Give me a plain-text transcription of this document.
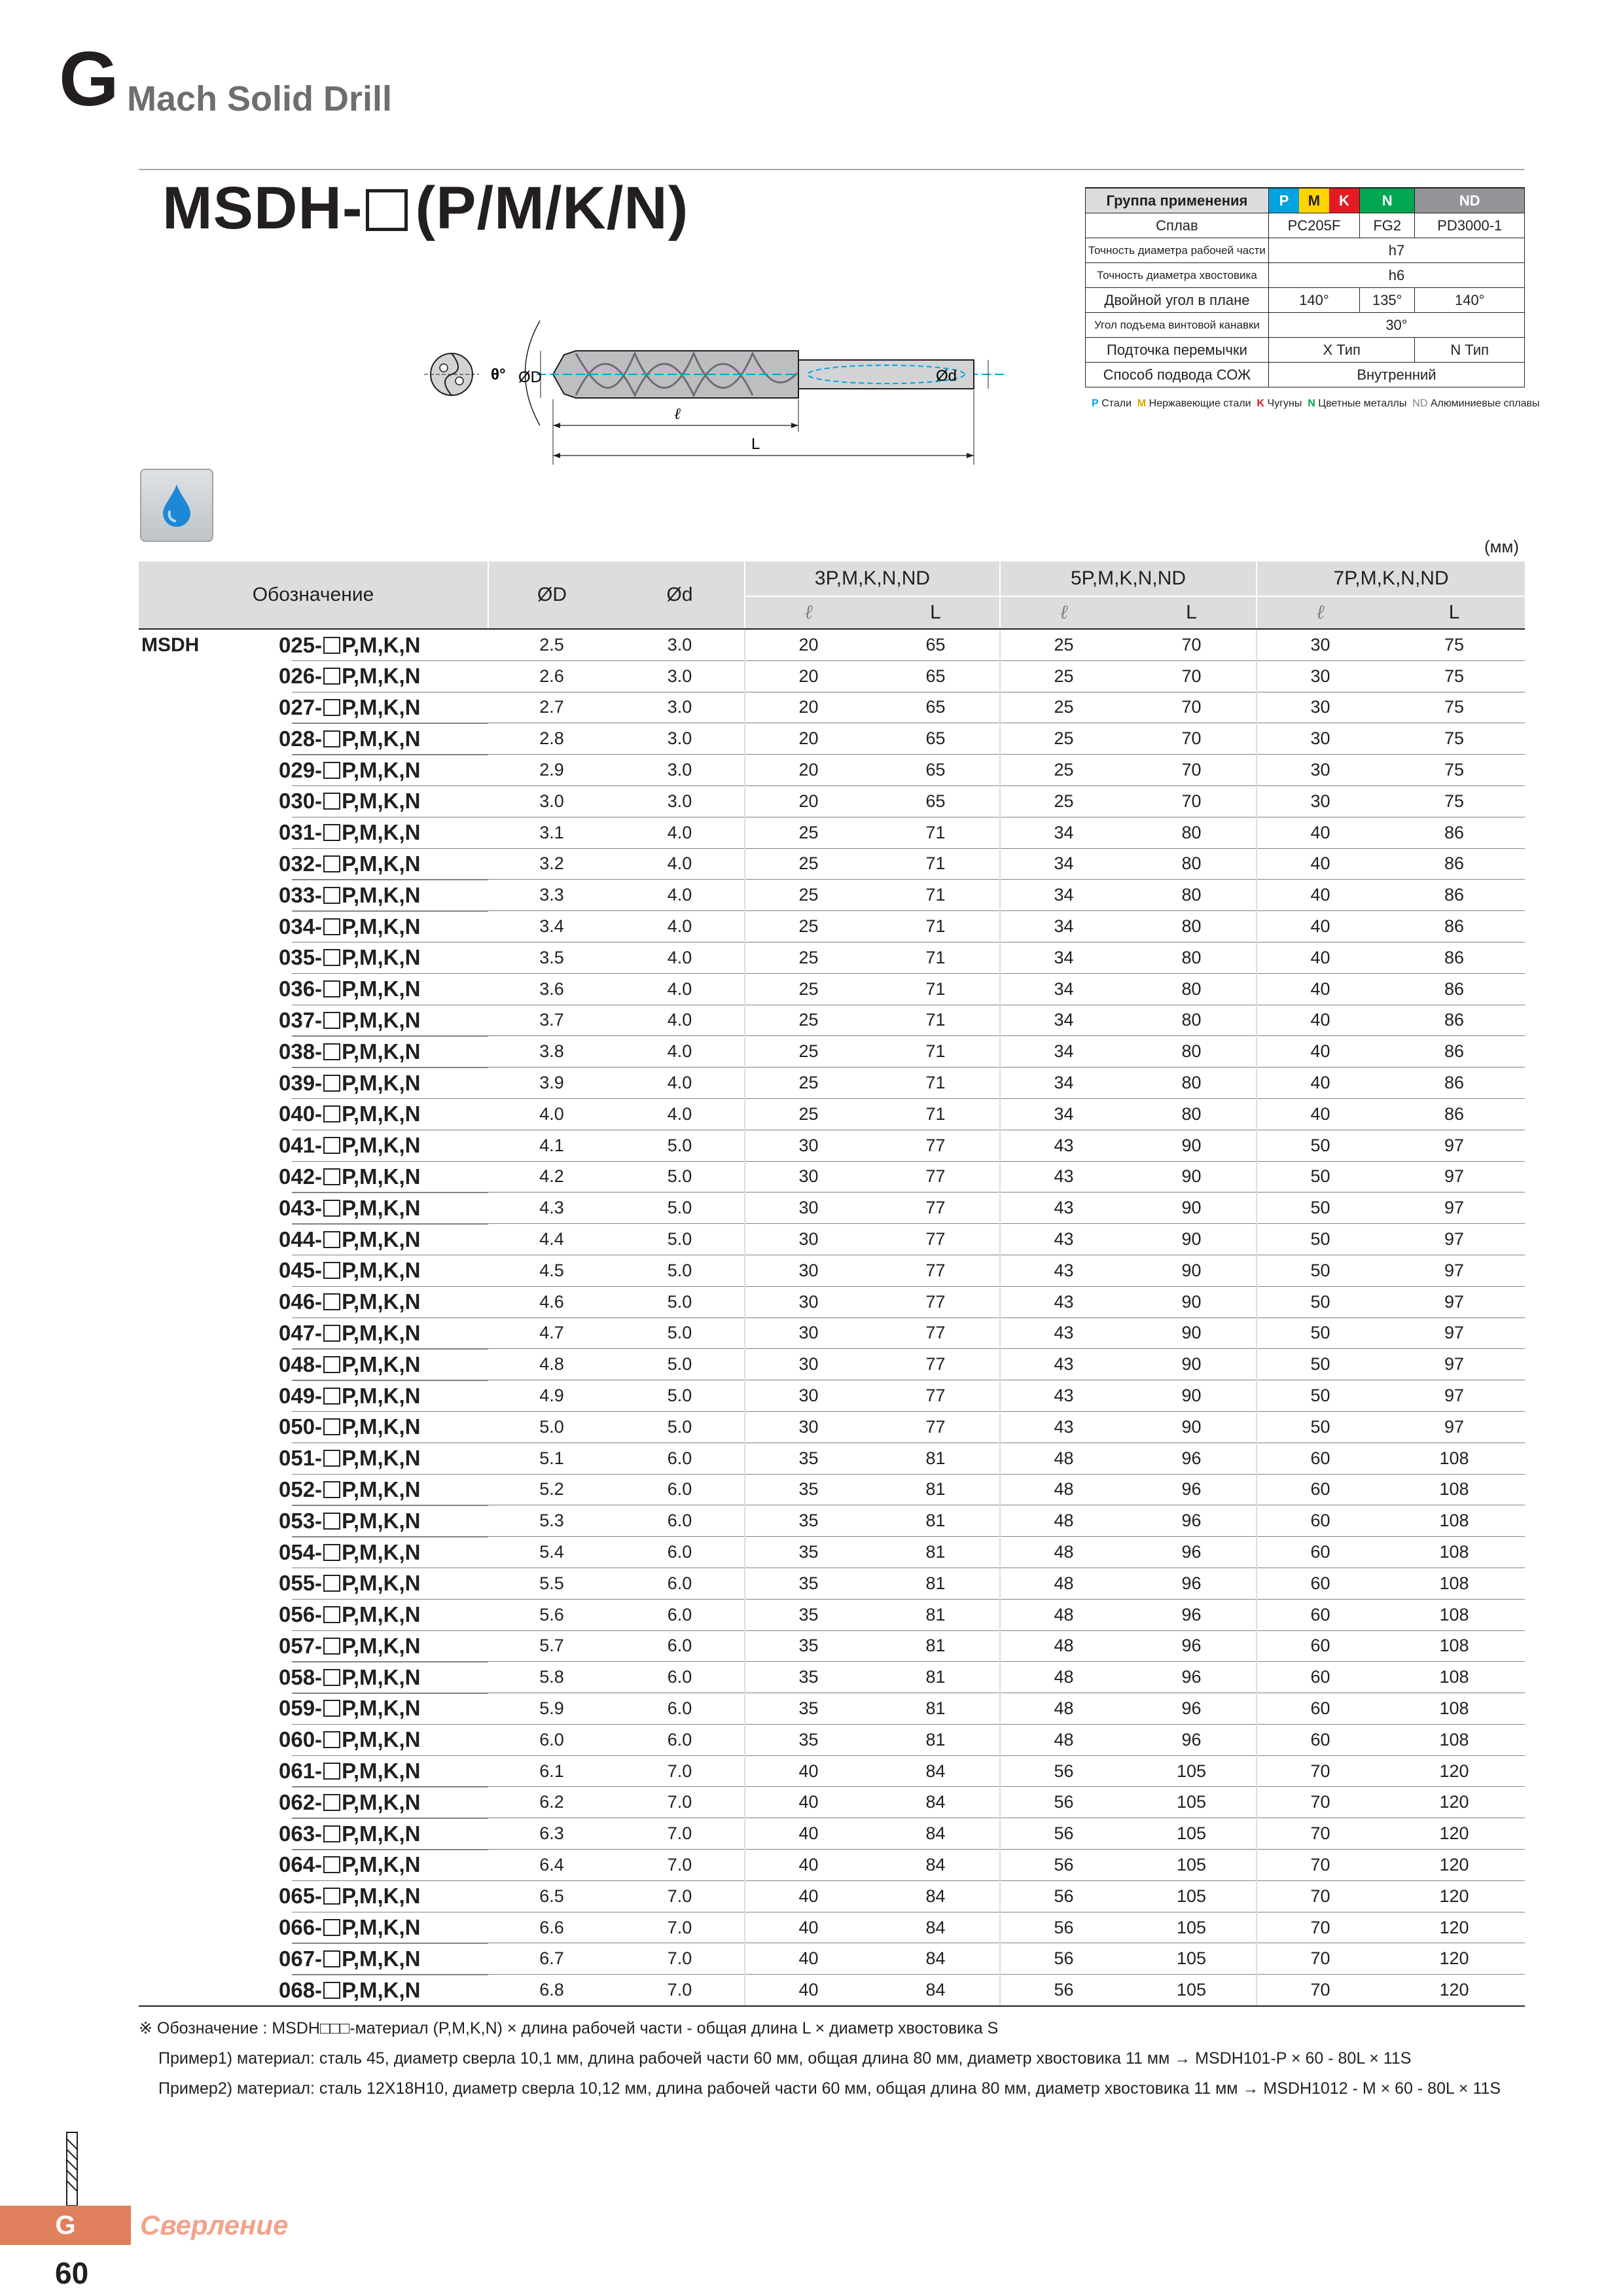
G Mach Solid Drill
MSDH- (P/M/K/N)	Группа применения	P M K	N	ND
Сплав	PC205F	FG2	PD3000-1
Точность диаметра рабочей части	h7		
Точность диаметра хвостовика	h6		
Двойной угол в плане	140°	135°	140°
Угол подъема винтовой канавки	30°		
Подточка перемычки	X Тип		N Тип
Способ подвода СОЖ	Внутренний		
P Стали M Нержавеющие стали K Чугуны N Цветные металлы ND Алюминиевые сплавы
θ° ØD	Ød
ℓ
L
(мм)
Обозначение	ØD	Ød	3P,M,K,N,ND		5P,M,K,N,ND		7P,M,K,N,ND	
			ℓ	L	ℓ	L	ℓ	L

MSDH 025- P,M,K,N	2.5	3.0	20	65	25	70	30	75

026- P,M,K,N	2.6	3.0	20	65	25	70	30	75

027- P,M,K,N	2.7	3.0	20	65	25	70	30	75

028- P,M,K,N	2.8	3.0	20	65	25	70	30	75

029- P,M,K,N	2.9	3.0	20	65	25	70	30	75

030- P,M,K,N	3.0	3.0	20	65	25	70	30	75

031- P,M,K,N	3.1	4.0	25	71	34	80	40	86

032- P,M,K,N	3.2	4.0	25	71	34	80	40	86

033- P,M,K,N	3.3	4.0	25	71	34	80	40	86

034- P,M,K,N	3.4	4.0	25	71	34	80	40	86

035- P,M,K,N	3.5	4.0	25	71	34	80	40	86

036- P,M,K,N	3.6	4.0	25	71	34	80	40	86

037- P,M,K,N	3.7	4.0	25	71	34	80	40	86

038- P,M,K,N	3.8	4.0	25	71	34	80	40	86

039- P,M,K,N	3.9	4.0	25	71	34	80	40	86

040- P,M,K,N	4.0	4.0	25	71	34	80	40	86

041- P,M,K,N	4.1	5.0	30	77	43	90	50	97

042- P,M,K,N	4.2	5.0	30	77	43	90	50	97

043- P,M,K,N	4.3	5.0	30	77	43	90	50	97

044- P,M,K,N	4.4	5.0	30	77	43	90	50	97

045- P,M,K,N	4.5	5.0	30	77	43	90	50	97

046- P,M,K,N	4.6	5.0	30	77	43	90	50	97

047- P,M,K,N	4.7	5.0	30	77	43	90	50	97

048- P,M,K,N	4.8	5.0	30	77	43	90	50	97

049- P,M,K,N	4.9	5.0	30	77	43	90	50	97

050- P,M,K,N	5.0	5.0	30	77	43	90	50	97

051- P,M,K,N	5.1	6.0	35	81	48	96	60	108

052- P,M,K,N	5.2	6.0	35	81	48	96	60	108

053- P,M,K,N	5.3	6.0	35	81	48	96	60	108

054- P,M,K,N	5.4	6.0	35	81	48	96	60	108

055- P,M,K,N	5.5	6.0	35	81	48	96	60	108

056- P,M,K,N	5.6	6.0	35	81	48	96	60	108

057- P,M,K,N	5.7	6.0	35	81	48	96	60	108

058- P,M,K,N	5.8	6.0	35	81	48	96	60	108

059- P,M,K,N	5.9	6.0	35	81	48	96	60	108

060- P,M,K,N	6.0	6.0	35	81	48	96	60	108

061- P,M,K,N	6.1	7.0	40	84	56	105	70	120

062- P,M,K,N	6.2	7.0	40	84	56	105	70	120

063- P,M,K,N	6.3	7.0	40	84	56	105	70	120

064- P,M,K,N	6.4	7.0	40	84	56	105	70	120

065- P,M,K,N	6.5	7.0	40	84	56	105	70	120

066- P,M,K,N	6.6	7.0	40	84	56	105	70	120

067- P,M,K,N	6.7	7.0	40	84	56	105	70	120

068- P,M,K,N	6.8	7.0	40	84	56	105	70	120
※ Обозначение : MSDH□□□-материал (P,M,K,N) × длина рабочей части - общая длина L × диаметр хвостовика S
Пример1) материал: сталь 45, диаметр сверла 10,1 мм, длина рабочей части 60 мм, общая длина 80 мм, диаметр хвостовика 11 мм → MSDH101-P × 60 - 80L × 11S
Пример2) материал: сталь 12Х18Н10, диаметр сверла 10,12 мм, длина рабочей части 60 мм, общая длина 80 мм, диаметр хвостовика 11 мм → MSDH1012 - M × 60 - 80L × 11S
G	Сверление
60
